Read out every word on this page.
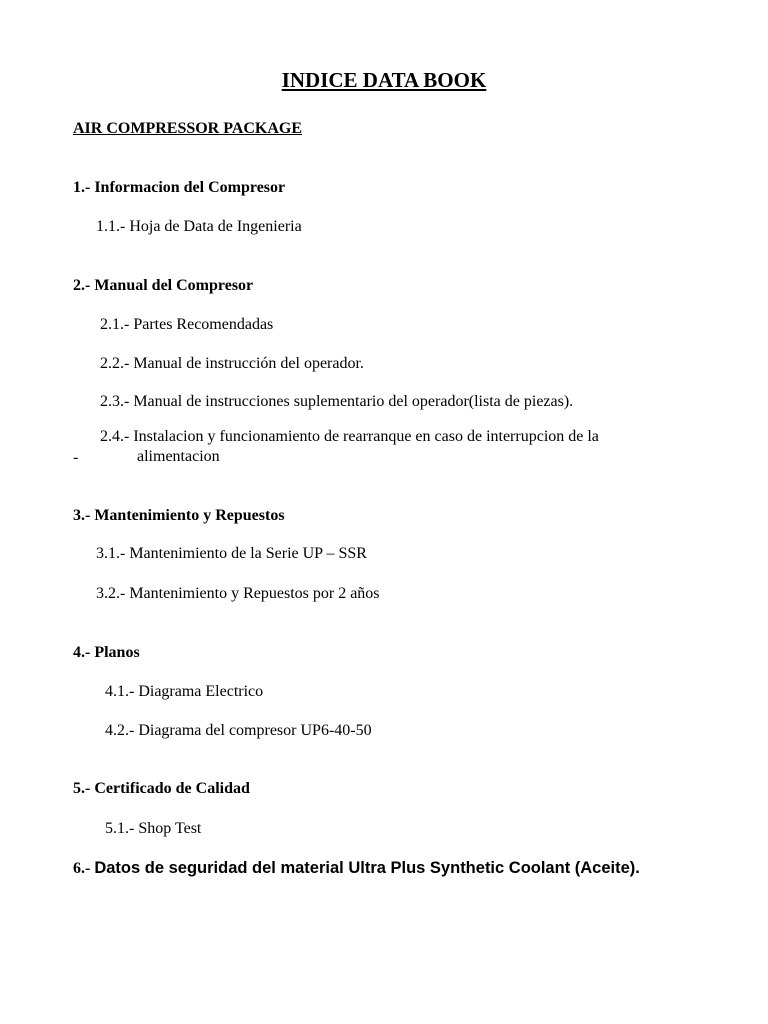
INDICE DATA BOOK
AIR COMPRESSOR PACKAGE
1.- Informacion del Compresor
1.1.- Hoja de Data de Ingenieria
2.- Manual del Compresor
2.1.- Partes Recomendadas
2.2.- Manual de instrucción del operador.
2.3.- Manual de instrucciones suplementario del operador(lista de piezas).
2.4.- Instalacion y funcionamiento de rearranque en caso de interrupcion de la
-	alimentacion
3.- Mantenimiento y Repuestos
3.1.- Mantenimiento de la Serie UP – SSR
3.2.- Mantenimiento y Repuestos por 2 años
4.- Planos
4.1.- Diagrama Electrico
4.2.- Diagrama del compresor UP6-40-50
5.- Certificado de Calidad
5.1.- Shop Test
6.- Datos de seguridad del material Ultra Plus Synthetic Coolant (Aceite).
